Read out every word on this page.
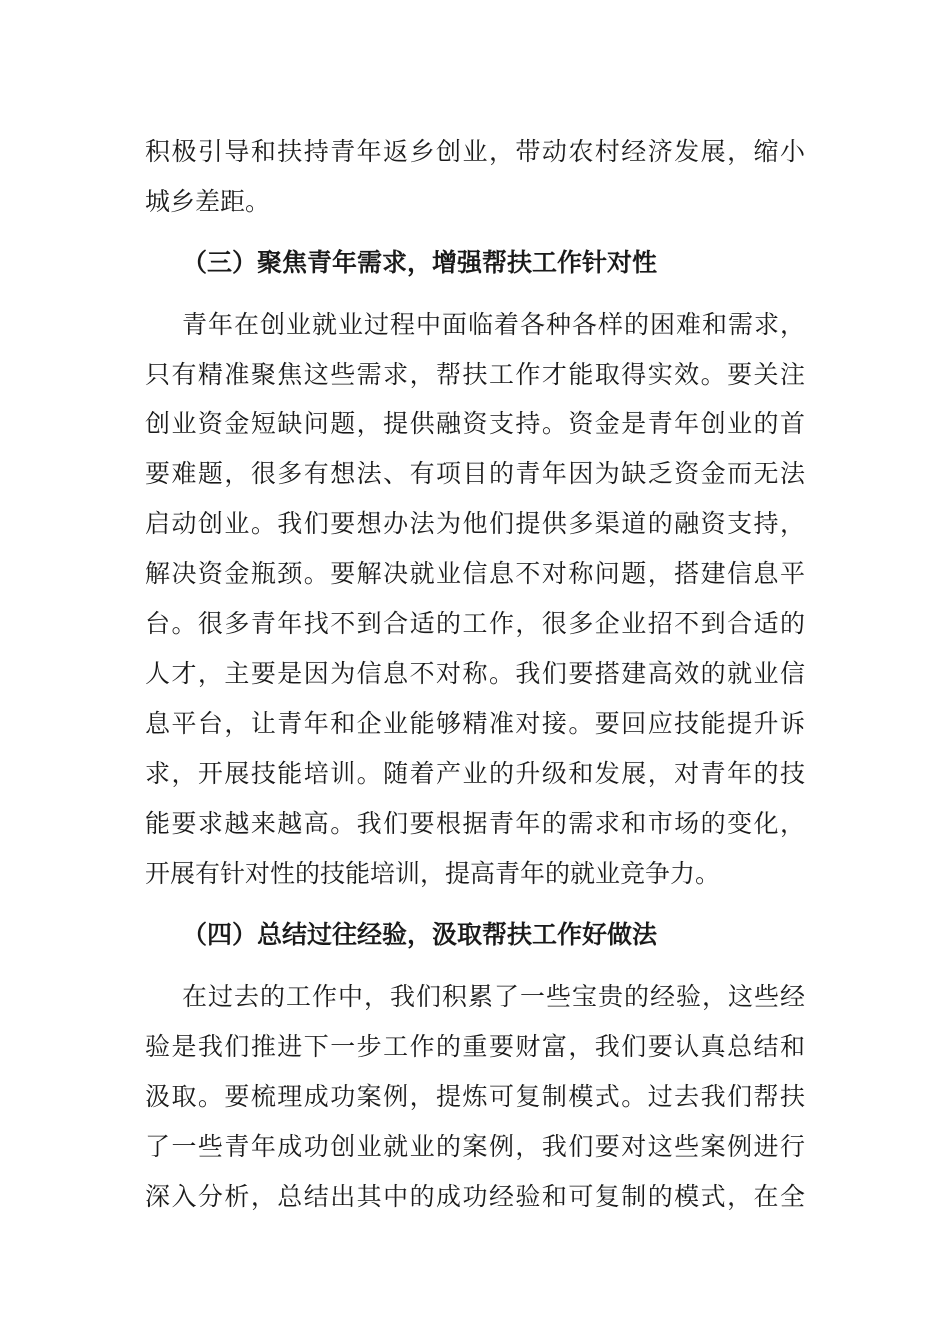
积极引导和扶持青年返乡创业，带动农村经济发展，缩小
城乡差距。
（三）聚焦青年需求，增强帮扶工作针对性
青年在创业就业过程中面临着各种各样的困难和需求，
只有精准聚焦这些需求，帮扶工作才能取得实效。要关注
创业资金短缺问题，提供融资支持。资金是青年创业的首
要难题，很多有想法、有项目的青年因为缺乏资金而无法
启动创业。我们要想办法为他们提供多渠道的融资支持，
解决资金瓶颈。要解决就业信息不对称问题，搭建信息平
台。很多青年找不到合适的工作，很多企业招不到合适的
人才，主要是因为信息不对称。我们要搭建高效的就业信
息平台，让青年和企业能够精准对接。要回应技能提升诉
求，开展技能培训。随着产业的升级和发展，对青年的技
能要求越来越高。我们要根据青年的需求和市场的变化，
开展有针对性的技能培训，提高青年的就业竞争力。
（四）总结过往经验，汲取帮扶工作好做法
在过去的工作中，我们积累了一些宝贵的经验，这些经
验是我们推进下一步工作的重要财富，我们要认真总结和
汲取。要梳理成功案例，提炼可复制模式。过去我们帮扶
了一些青年成功创业就业的案例，我们要对这些案例进行
深入分析，总结出其中的成功经验和可复制的模式，在全
